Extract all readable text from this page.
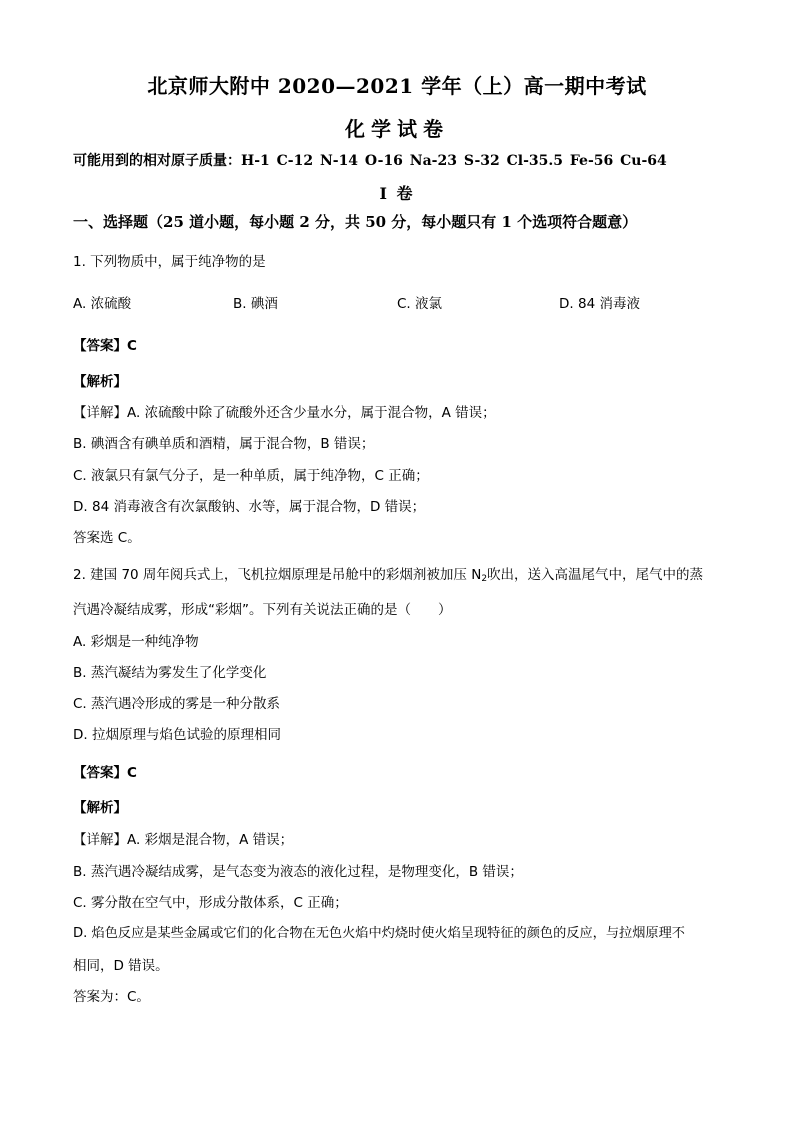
北京师大附中 2020—2021 学年（上）高一期中考试
化学试卷
可能用到的相对原子质量：H-1 C-12 N-14 O-16 Na-23 S-32 Cl-35.5 Fe-56 Cu-64
I 卷
一、选择题（25 道小题，每小题 2 分，共 50 分，每小题只有 1 个选项符合题意）
1. 下列物质中，属于纯净物的是
A. 浓硫酸	B. 碘酒	C. 液氯	D. 84 消毒液
【答案】C
【解析】
【详解】A. 浓硫酸中除了硫酸外还含少量水分，属于混合物，A 错误；
B. 碘酒含有碘单质和酒精，属于混合物，B 错误；
C. 液氯只有氯气分子，是一种单质，属于纯净物，C 正确；
D. 84 消毒液含有次氯酸钠、水等，属于混合物，D 错误；
答案选 C。
2. 建国 70 周年阅兵式上，飞机拉烟原理是吊舱中的彩烟剂被加压 $N_2$吹出，送入高温尾气中，尾气中的蒸
汽遇冷凝结成雾，形成“彩烟”。下列有关说法正确的是（　　）
A. 彩烟是一种纯净物
B. 蒸汽凝结为雾发生了化学变化
C. 蒸汽遇冷形成的雾是一种分散系
D. 拉烟原理与焰色试验的原理相同
【答案】C
【解析】
【详解】A. 彩烟是混合物，A 错误；
B. 蒸汽遇冷凝结成雾，是气态变为液态的液化过程，是物理变化，B 错误；
C. 雾分散在空气中，形成分散体系，C 正确；
D. 焰色反应是某些金属或它们的化合物在无色火焰中灼烧时使火焰呈现特征的颜色的反应，与拉烟原理不
相同，D 错误。
答案为：C。
